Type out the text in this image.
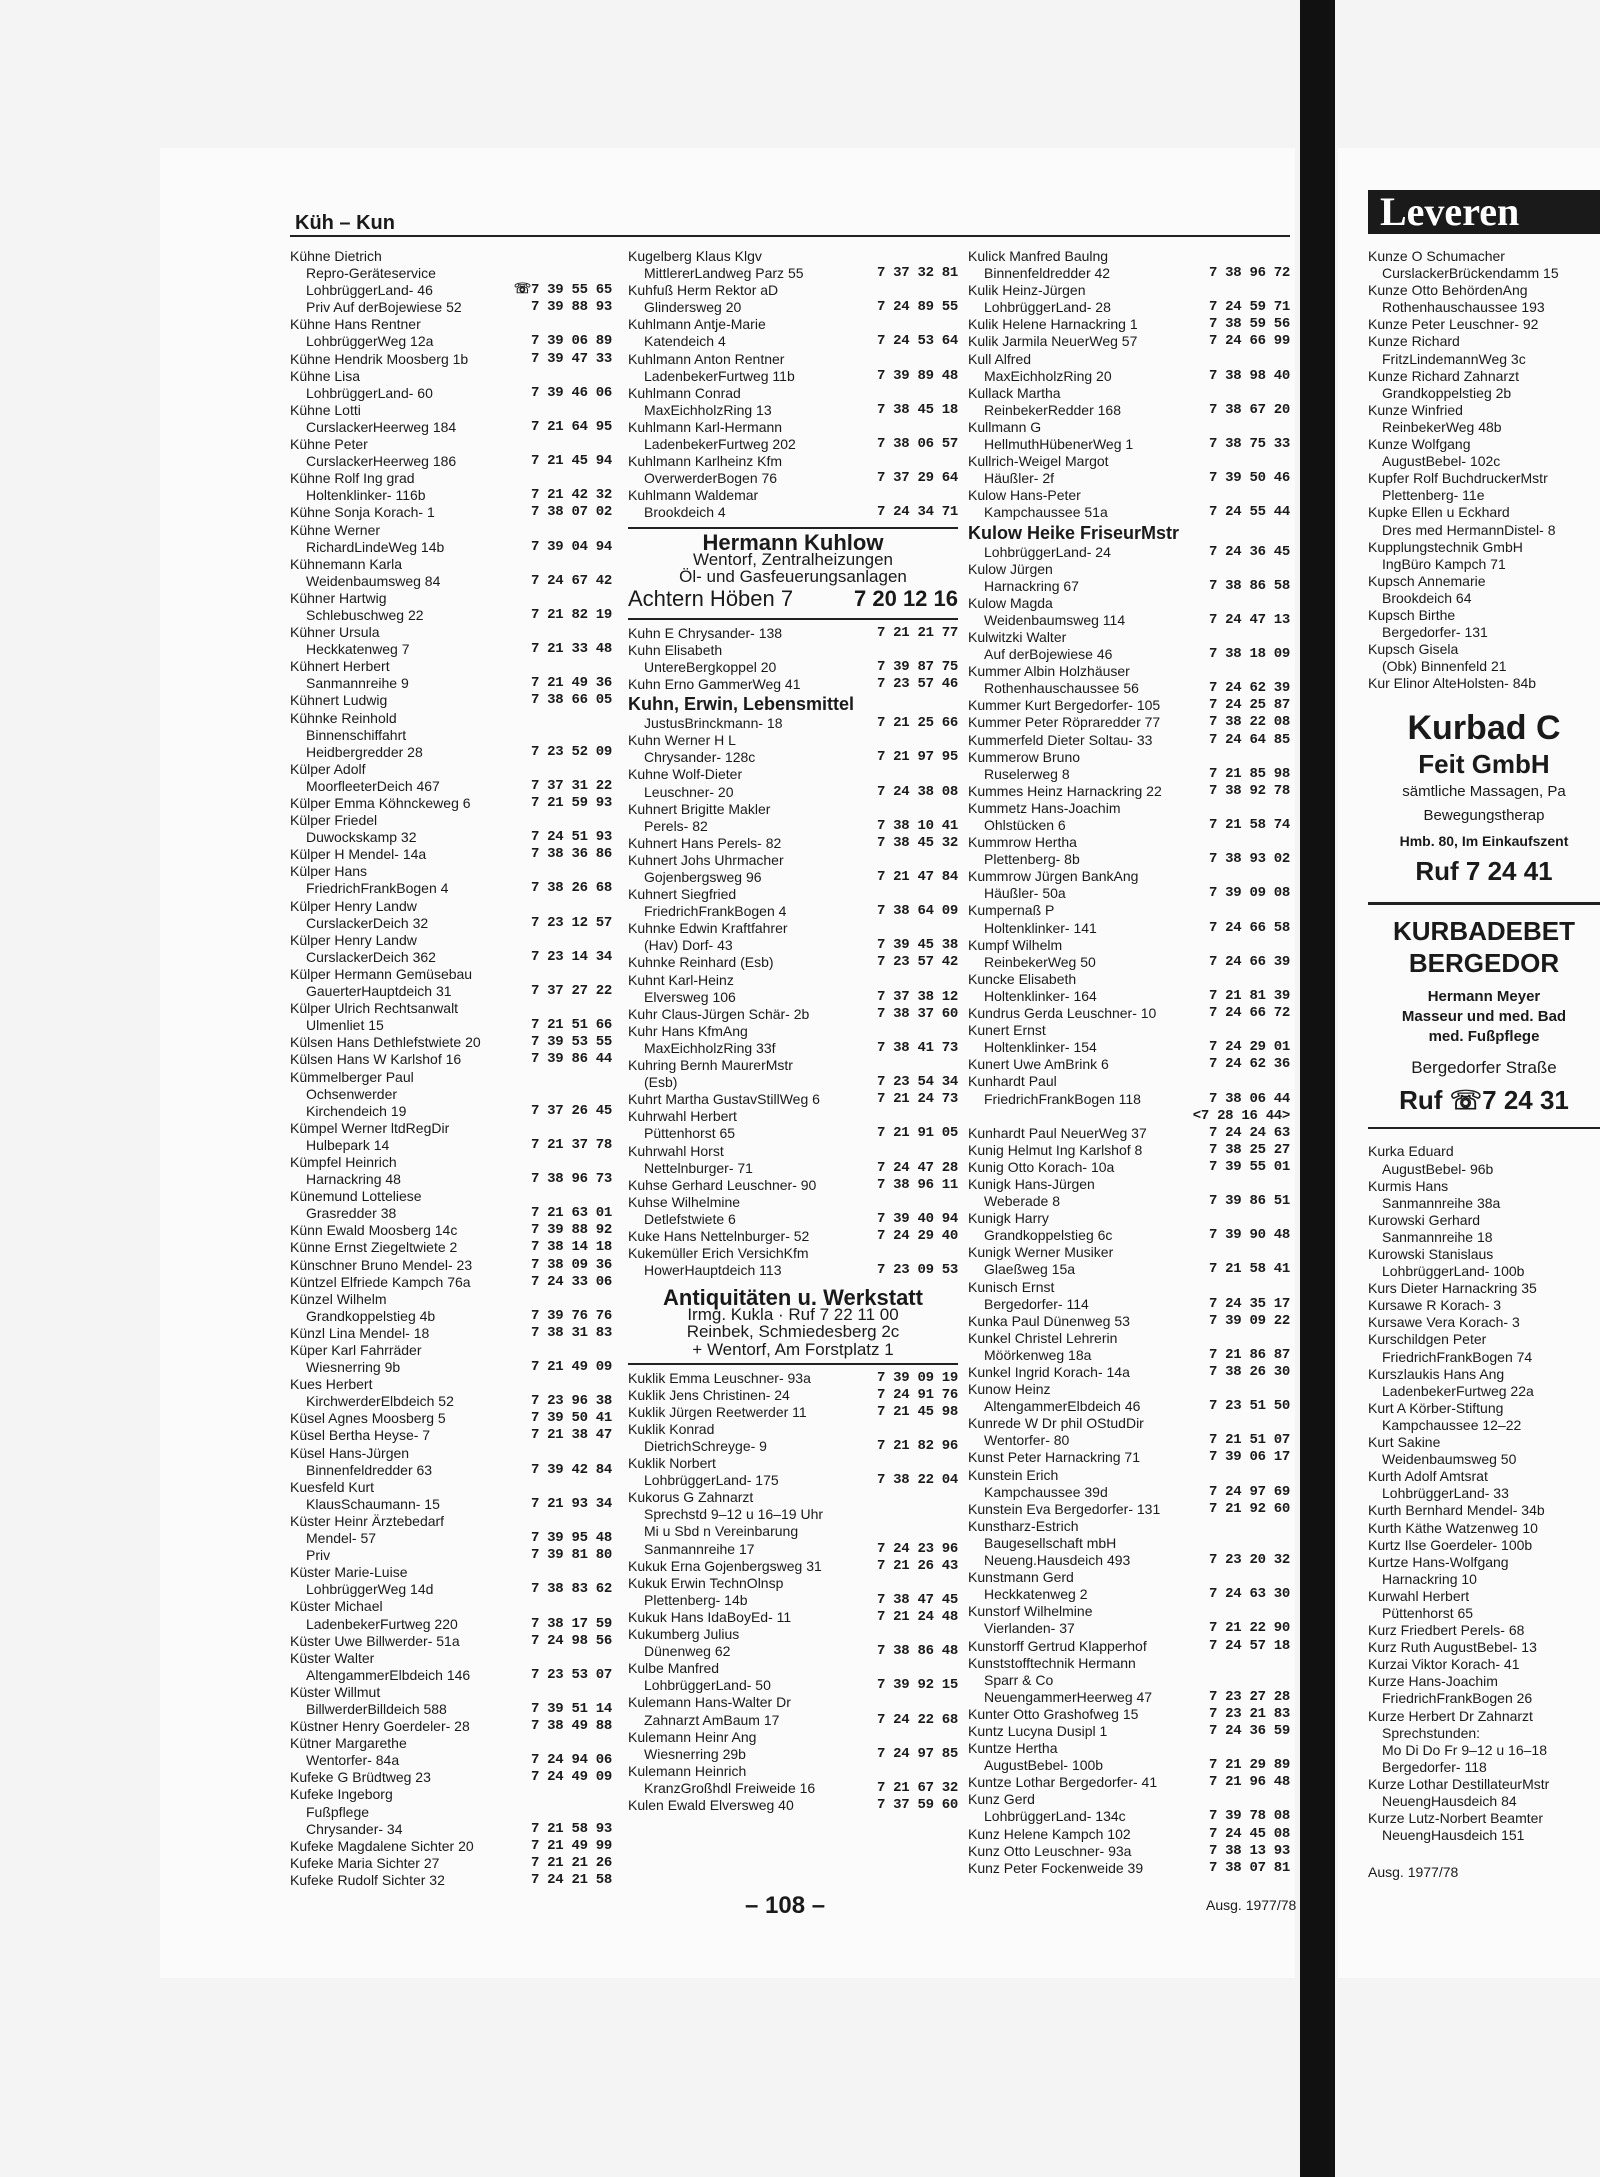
Küh – Kun
Kühne Dietrich
Repro-Geräteservice
LohbrüggerLand- 46	☏7 39 55 65
Priv Auf derBojewiese 52	7 39 88 93
Kühne Hans Rentner
LohbrüggerWeg 12a	7 39 06 89
Kühne Hendrik Moosberg 1b	7 39 47 33
Kühne Lisa
LohbrüggerLand- 60	7 39 46 06
Kühne Lotti
CurslackerHeerweg 184	7 21 64 95
Kühne Peter
CurslackerHeerweg 186	7 21 45 94
Kühne Rolf Ing grad
Holtenklinker- 116b	7 21 42 32
Kühne Sonja Korach- 1	7 38 07 02
Kühne Werner
RichardLindeWeg 14b	7 39 04 94
Kühnemann Karla
Weidenbaumsweg 84	7 24 67 42
Kühner Hartwig
Schlebuschweg 22	7 21 82 19
Kühner Ursula
Heckkatenweg 7	7 21 33 48
Kühnert Herbert
Sanmannreihe 9	7 21 49 36
Kühnert Ludwig	7 38 66 05
Kühnke Reinhold
Binnenschiffahrt
Heidbergredder 28	7 23 52 09
Külper Adolf
MoorfleeterDeich 467	7 37 31 22
Külper Emma Köhnckeweg 6	7 21 59 93
Külper Friedel
Duwockskamp 32	7 24 51 93
Külper H Mendel- 14a	7 38 36 86
Külper Hans
FriedrichFrankBogen 4	7 38 26 68
Külper Henry Landw
CurslackerDeich 32	7 23 12 57
Külper Henry Landw
CurslackerDeich 362	7 23 14 34
Külper Hermann Gemüsebau
GauerterHauptdeich 31	7 37 27 22
Külper Ulrich Rechtsanwalt
Ulmenliet 15	7 21 51 66
Külsen Hans Dethlefstwiete 20	7 39 53 55
Külsen Hans W Karlshof 16	7 39 86 44
Kümmelberger Paul
Ochsenwerder
Kirchendeich 19	7 37 26 45
Kümpel Werner ltdRegDir
Hulbepark 14	7 21 37 78
Kümpfel Heinrich
Harnackring 48	7 38 96 73
Künemund Lotteliese
Grasredder 38	7 21 63 01
Künn Ewald Moosberg 14c	7 39 88 92
Künne Ernst Ziegeltwiete 2	7 38 14 18
Künschner Bruno Mendel- 23	7 38 09 36
Küntzel Elfriede Kampch 76a	7 24 33 06
Künzel Wilhelm
Grandkoppelstieg 4b	7 39 76 76
Künzl Lina Mendel- 18	7 38 31 83
Küper Karl Fahrräder
Wiesnerring 9b	7 21 49 09
Kues Herbert
KirchwerderElbdeich 52	7 23 96 38
Küsel Agnes Moosberg 5	7 39 50 41
Küsel Bertha Heyse- 7	7 21 38 47
Küsel Hans-Jürgen
Binnenfeldredder 63	7 39 42 84
Kuesfeld Kurt
KlausSchaumann- 15	7 21 93 34
Küster Heinr Ärztebedarf
Mendel- 57	7 39 95 48
Priv	7 39 81 80
Küster Marie-Luise
LohbrüggerWeg 14d	7 38 83 62
Küster Michael
LadenbekerFurtweg 220	7 38 17 59
Küster Uwe Billwerder- 51a	7 24 98 56
Küster Walter
AltengammerElbdeich 146	7 23 53 07
Küster Willmut
BillwerderBilldeich 588	7 39 51 14
Küstner Henry Goerdeler- 28	7 38 49 88
Kütner Margarethe
Wentorfer- 84a	7 24 94 06
Kufeke G Brüdtweg 23	7 24 49 09
Kufeke Ingeborg
Fußpflege
Chrysander- 34	7 21 58 93
Kufeke Magdalene Sichter 20	7 21 49 99
Kufeke Maria Sichter 27	7 21 21 26
Kufeke Rudolf Sichter 32	7 24 21 58
Kugelberg Klaus Klgv
MittlererLandweg Parz 55	7 37 32 81
Kuhfuß Herm Rektor aD
Glindersweg 20	7 24 89 55
Kuhlmann Antje-Marie
Katendeich 4	7 24 53 64
Kuhlmann Anton Rentner
LadenbekerFurtweg 11b	7 39 89 48
Kuhlmann Conrad
MaxEichholzRing 13	7 38 45 18
Kuhlmann Karl-Hermann
LadenbekerFurtweg 202	7 38 06 57
Kuhlmann Karlheinz Kfm
OverwerderBogen 76	7 37 29 64
Kuhlmann Waldemar
Brookdeich 4	7 24 34 71
Hermann Kuhlow
Wentorf, Zentralheizungen
Öl- und Gasfeuerungsanlagen
Achtern Höben 7	7 20 12 16
Kuhn E Chrysander- 138	7 21 21 77
Kuhn Elisabeth
UntereBergkoppel 20	7 39 87 75
Kuhn Erno GammerWeg 41	7 23 57 46
Kuhn, Erwin, Lebensmittel
JustusBrinckmann- 18	7 21 25 66
Kuhn Werner H L
Chrysander- 128c	7 21 97 95
Kuhne Wolf-Dieter
Leuschner- 20	7 24 38 08
Kuhnert Brigitte Makler
Perels- 82	7 38 10 41
Kuhnert Hans Perels- 82	7 38 45 32
Kuhnert Johs Uhrmacher
Gojenbergsweg 96	7 21 47 84
Kuhnert Siegfried
FriedrichFrankBogen 4	7 38 64 09
Kuhnke Edwin Kraftfahrer
(Hav) Dorf- 43	7 39 45 38
Kuhnke Reinhard (Esb)	7 23 57 42
Kuhnt Karl-Heinz
Elversweg 106	7 37 38 12
Kuhr Claus-Jürgen Schär- 2b	7 38 37 60
Kuhr Hans KfmAng
MaxEichholzRing 33f	7 38 41 73
Kuhring Bernh MaurerMstr
(Esb)	7 23 54 34
Kuhrt Martha GustavStillWeg 6	7 21 24 73
Kuhrwahl Herbert
Püttenhorst 65	7 21 91 05
Kuhrwahl Horst
Nettelnburger- 71	7 24 47 28
Kuhse Gerhard Leuschner- 90	7 38 96 11
Kuhse Wilhelmine
Detlefstwiete 6	7 39 40 94
Kuke Hans Nettelnburger- 52	7 24 29 40
Kukemüller Erich VersichKfm
HowerHauptdeich 113	7 23 09 53
Antiquitäten u. Werkstatt
Irmg. Kukla · Ruf 7 22 11 00
Reinbek, Schmiedesberg 2c
+ Wentorf, Am Forstplatz 1
Kuklik Emma Leuschner- 93a	7 39 09 19
Kuklik Jens Christinen- 24	7 24 91 76
Kuklik Jürgen Reetwerder 11	7 21 45 98
Kuklik Konrad
DietrichSchreyge- 9	7 21 82 96
Kuklik Norbert
LohbrüggerLand- 175	7 38 22 04
Kukorus G Zahnarzt
Sprechstd 9–12 u 16–19 Uhr
Mi u Sbd n Vereinbarung
Sanmannreihe 17	7 24 23 96
Kukuk Erna Gojenbergsweg 31	7 21 26 43
Kukuk Erwin TechnOlnsp
Plettenberg- 14b	7 38 47 45
Kukuk Hans IdaBoyEd- 11	7 21 24 48
Kukumberg Julius
Dünenweg 62	7 38 86 48
Kulbe Manfred
LohbrüggerLand- 50	7 39 92 15
Kulemann Hans-Walter Dr
Zahnarzt AmBaum 17	7 24 22 68
Kulemann Heinr Ang
Wiesnerring 29b	7 24 97 85
Kulemann Heinrich
KranzGroßhdl Freiweide 16	7 21 67 32
Kulen Ewald Elversweg 40	7 37 59 60
Kulick Manfred Baulng
Binnenfeldredder 42	7 38 96 72
Kulik Heinz-Jürgen
LohbrüggerLand- 28	7 24 59 71
Kulik Helene Harnackring 1	7 38 59 56
Kulik Jarmila NeuerWeg 57	7 24 66 99
Kull Alfred
MaxEichholzRing 20	7 38 98 40
Kullack Martha
ReinbekerRedder 168	7 38 67 20
Kullmann G
HellmuthHübenerWeg 1	7 38 75 33
Kullrich-Weigel Margot
Häußler- 2f	7 39 50 46
Kulow Hans-Peter
Kampchaussee 51a	7 24 55 44
Kulow Heike FriseurMstr
LohbrüggerLand- 24	7 24 36 45
Kulow Jürgen
Harnackring 67	7 38 86 58
Kulow Magda
Weidenbaumsweg 114	7 24 47 13
Kulwitzki Walter
Auf derBojewiese 46	7 38 18 09
Kummer Albin Holzhäuser
Rothenhauschaussee 56	7 24 62 39
Kummer Kurt Bergedorfer- 105	7 24 25 87
Kummer Peter Röpraredder 77	7 38 22 08
Kummerfeld Dieter Soltau- 33	7 24 64 85
Kummerow Bruno
Ruselerweg 8	7 21 85 98
Kummes Heinz Harnackring 22	7 38 92 78
Kummetz Hans-Joachim
Ohlstücken 6	7 21 58 74
Kummrow Hertha
Plettenberg- 8b	7 38 93 02
Kummrow Jürgen BankAng
Häußler- 50a	7 39 09 08
Kumpernaß P
Holtenklinker- 141	7 24 66 58
Kumpf Wilhelm
ReinbekerWeg 50	7 24 66 39
Kuncke Elisabeth
Holtenklinker- 164	7 21 81 39
Kundrus Gerda Leuschner- 10	7 24 66 72
Kunert Ernst
Holtenklinker- 154	7 24 29 01
Kunert Uwe AmBrink 6	7 24 62 36
Kunhardt Paul
FriedrichFrankBogen 118	7 38 06 44
<7 28 16 44>
Kunhardt Paul NeuerWeg 37	7 24 24 63
Kunig Helmut Ing Karlshof 8	7 38 25 27
Kunig Otto Korach- 10a	7 39 55 01
Kunigk Hans-Jürgen
Weberade 8	7 39 86 51
Kunigk Harry
Grandkoppelstieg 6c	7 39 90 48
Kunigk Werner Musiker
Glaeßweg 15a	7 21 58 41
Kunisch Ernst
Bergedorfer- 114	7 24 35 17
Kunka Paul Dünenweg 53	7 39 09 22
Kunkel Christel Lehrerin
Möörkenweg 18a	7 21 86 87
Kunkel Ingrid Korach- 14a	7 38 26 30
Kunow Heinz
AltengammerElbdeich 46	7 23 51 50
Kunrede W Dr phil OStudDir
Wentorfer- 80	7 21 51 07
Kunst Peter Harnackring 71	7 39 06 17
Kunstein Erich
Kampchaussee 39d	7 24 97 69
Kunstein Eva Bergedorfer- 131	7 21 92 60
Kunstharz-Estrich
Baugesellschaft mbH
Neueng.Hausdeich 493	7 23 20 32
Kunstmann Gerd
Heckkatenweg 2	7 24 63 30
Kunstorf Wilhelmine
Vierlanden- 37	7 21 22 90
Kunstorff Gertrud Klapperhof	7 24 57 18
Kunststofftechnik Hermann
Sparr & Co
NeuengammerHeerweg 47	7 23 27 28
Kunter Otto Grashofweg 15	7 23 21 83
Kuntz Lucyna Dusipl 1	7 24 36 59
Kuntze Hertha
AugustBebel- 100b	7 21 29 89
Kuntze Lothar Bergedorfer- 41	7 21 96 48
Kunz Gerd
LohbrüggerLand- 134c	7 39 78 08
Kunz Helene Kampch 102	7 24 45 08
Kunz Otto Leuschner- 93a	7 38 13 93
Kunz Peter Fockenweide 39	7 38 07 81
– 108 –	Ausg. 1977/78
Leveren
Kunze O Schumacher
CurslackerBrückendamm 15
Kunze Otto BehördenAng
Rothenhauschaussee 193
Kunze Peter Leuschner- 92
Kunze Richard
FritzLindemannWeg 3c
Kunze Richard Zahnarzt
Grandkoppelstieg 2b
Kunze Winfried
ReinbekerWeg 48b
Kunze Wolfgang
AugustBebel- 102c
Kupfer Rolf BuchdruckerMstr
Plettenberg- 11e
Kupke Ellen u Eckhard
Dres med HermannDistel- 8
Kupplungstechnik GmbH
IngBüro Kampch 71
Kupsch Annemarie
Brookdeich 64
Kupsch Birthe
Bergedorfer- 131
Kupsch Gisela
(Obk) Binnenfeld 21
Kur Elinor AlteHolsten- 84b
Kurbad C
Feit GmbH
sämtliche Massagen, Pa
Bewegungstherap
Hmb. 80, Im Einkaufszent
Ruf 7 24 41
KURBADEBET
BERGEDOR
Hermann Meyer
Masseur und med. Bad
med. Fußpflege
Bergedorfer Straße
Ruf ☏7 24 31
Kurka Eduard
AugustBebel- 96b
Kurmis Hans
Sanmannreihe 38a
Kurowski Gerhard
Sanmannreihe 18
Kurowski Stanislaus
LohbrüggerLand- 100b
Kurs Dieter Harnackring 35
Kursawe R Korach- 3
Kursawe Vera Korach- 3
Kurschildgen Peter
FriedrichFrankBogen 74
Kurszlaukis Hans Ang
LadenbekerFurtweg 22a
Kurt A Körber-Stiftung
Kampchaussee 12–22
Kurt Sakine
Weidenbaumsweg 50
Kurth Adolf Amtsrat
LohbrüggerLand- 33
Kurth Bernhard Mendel- 34b
Kurth Käthe Watzenweg 10
Kurtz Ilse Goerdeler- 100b
Kurtze Hans-Wolfgang
Harnackring 10
Kurwahl Herbert
Püttenhorst 65
Kurz Friedbert Perels- 68
Kurz Ruth AugustBebel- 13
Kurzai Viktor Korach- 41
Kurze Hans-Joachim
FriedrichFrankBogen 26
Kurze Herbert Dr Zahnarzt
Sprechstunden:
Mo Di Do Fr 9–12 u 16–18
Bergedorfer- 118
Kurze Lothar DestillateurMstr
NeuengHausdeich 84
Kurze Lutz-Norbert Beamter
NeuengHausdeich 151
Ausg. 1977/78
